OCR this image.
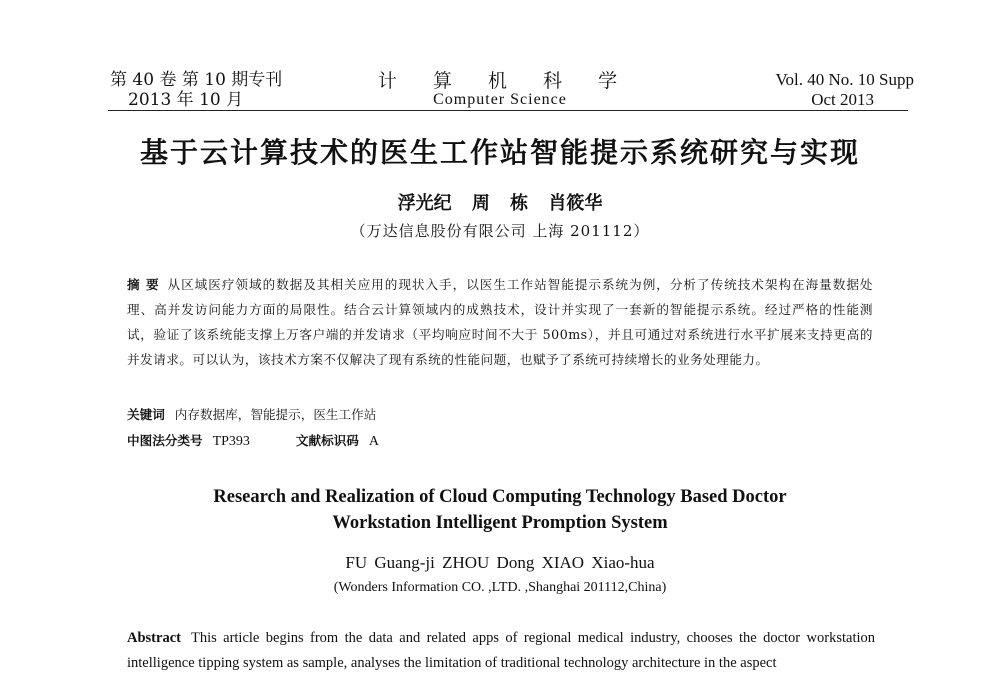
第 40 卷 第 10 期专刊
2013 年 10 月
计 算 机 科 学
Computer Science
Vol. 40 No. 10 Supp
Oct 2013
基于云计算技术的医生工作站智能提示系统研究与实现
浮光纪 周 栋 肖筱华
（万达信息股份有限公司 上海 201112）
摘 要 从区域医疗领域的数据及其相关应用的现状入手，以医生工作站智能提示系统为例，分析了传统技术架构在海量数据处理、高并发访问能力方面的局限性。结合云计算领域内的成熟技术，设计并实现了一套新的智能提示系统。经过严格的性能测试，验证了该系统能支撑上万客户端的并发请求（平均响应时间不大于 500ms），并且可通过对系统进行水平扩展来支持更高的并发请求。可以认为，该技术方案不仅解决了现有系统的性能问题，也赋予了系统可持续增长的业务处理能力。
关键词 内存数据库，智能提示，医生工作站
中图法分类号 TP393	文献标识码 A
Research and Realization of Cloud Computing Technology Based Doctor
Workstation Intelligent Promption System
FU Guang-ji ZHOU Dong XIAO Xiao-hua
(Wonders Information CO. ,LTD. ,Shanghai 201112,China)
Abstract This article begins from the data and related apps of regional medical industry, chooses the doctor workstation intelligence tipping system as sample, analyses the limitation of traditional technology architecture in the aspect
